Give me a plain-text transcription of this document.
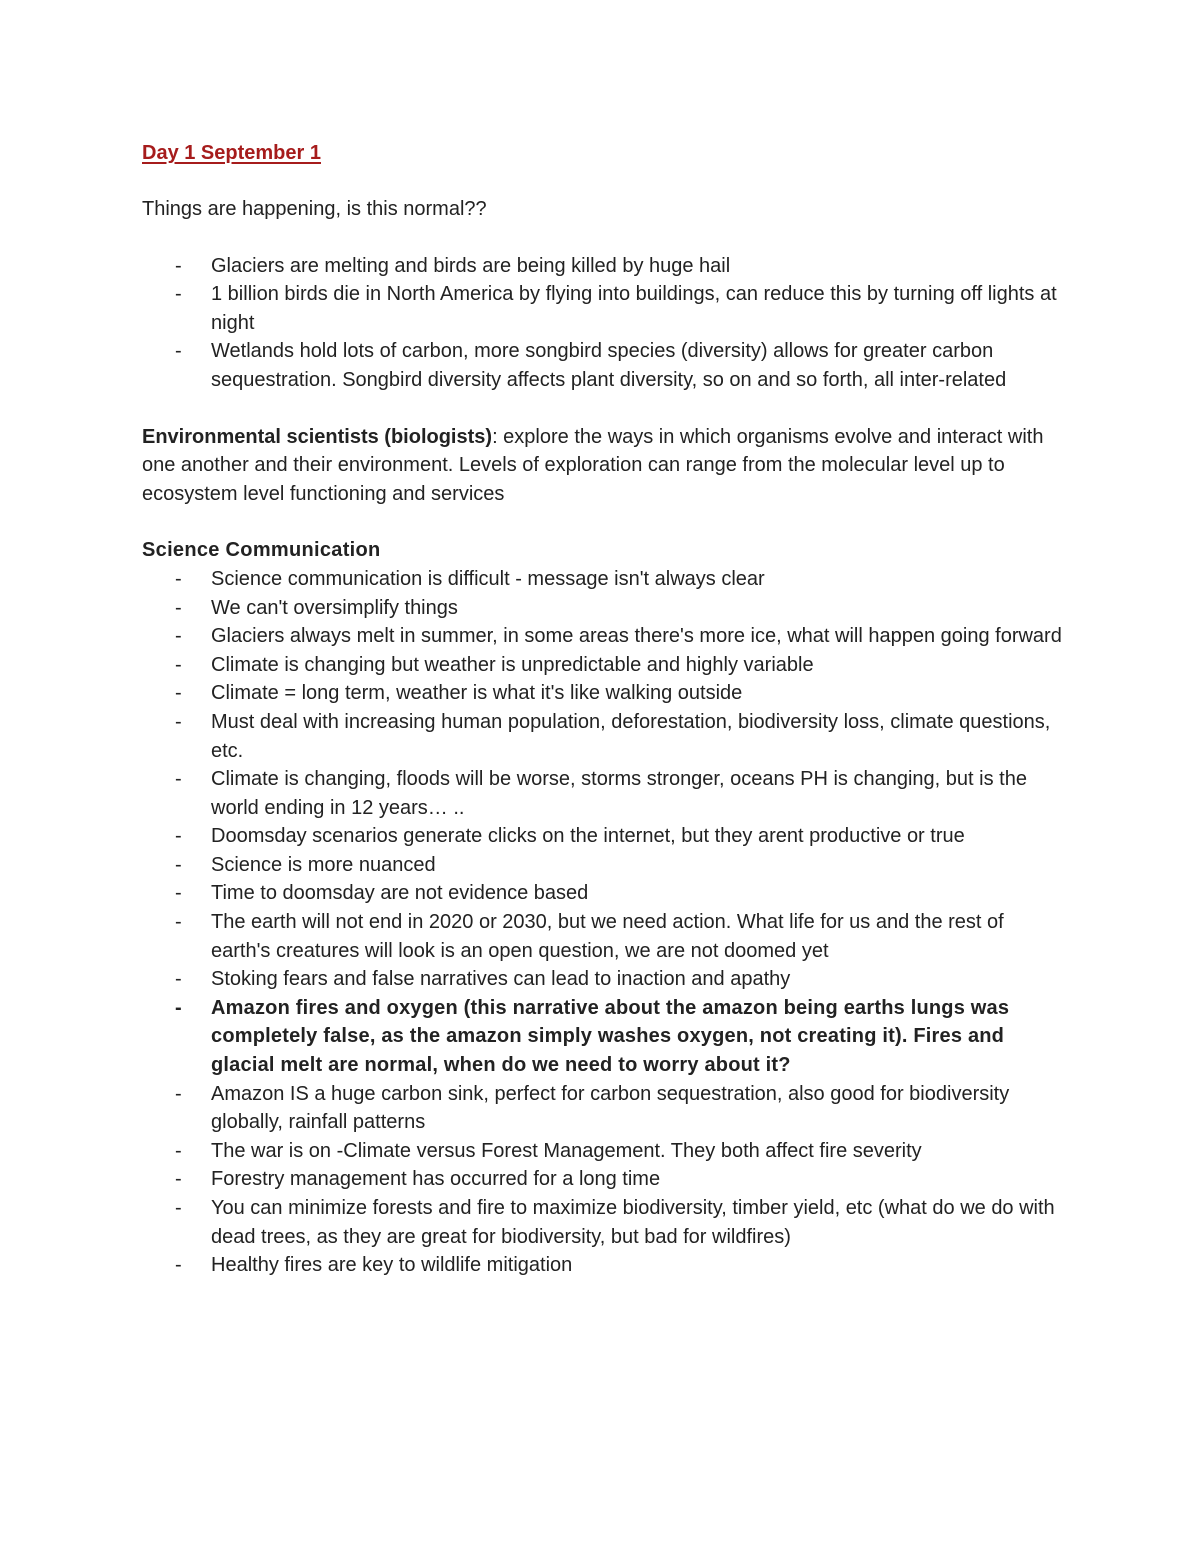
Day 1 September 1

Things are happening, is this normal??

- Glaciers are melting and birds are being killed by huge hail
- 1 billion birds die in North America by flying into buildings, can reduce this by turning off lights at night
- Wetlands hold lots of carbon, more songbird species (diversity) allows for greater carbon sequestration. Songbird diversity affects plant diversity, so on and so forth, all inter-related

Environmental scientists (biologists): explore the ways in which organisms evolve and interact with one another and their environment. Levels of exploration can range from the molecular level up to ecosystem level functioning and services

Science Communication

- Science communication is difficult - message isn't always clear
- We can't oversimplify things
- Glaciers always melt in summer, in some areas there's more ice, what will happen going forward
- Climate is changing but weather is unpredictable and highly variable
- Climate = long term, weather is what it's like walking outside
- Must deal with increasing human population, deforestation, biodiversity loss, climate questions, etc.
- Climate is changing, floods will be worse, storms stronger, oceans PH is changing, but is the world ending in 12 years… ..
- Doomsday scenarios generate clicks on the internet, but they arent productive or true
- Science is more nuanced
- Time to doomsday are not evidence based
- The earth will not end in 2020 or 2030, but we need action. What life for us and the rest of earth's creatures will look is an open question, we are not doomed yet
- Stoking fears and false narratives can lead to inaction and apathy
- Amazon fires and oxygen (this narrative about the amazon being earths lungs was completely false, as the amazon simply washes oxygen, not creating it). Fires and glacial melt are normal, when do we need to worry about it?
- Amazon IS a huge carbon sink, perfect for carbon sequestration, also good for biodiversity globally, rainfall patterns
- The war is on -Climate versus Forest Management. They both affect fire severity
- Forestry management has occurred for a long time
- You can minimize forests and fire to maximize biodiversity, timber yield, etc (what do we do with dead trees, as they are great for biodiversity, but bad for wildfires)
- Healthy fires are key to wildlife mitigation
